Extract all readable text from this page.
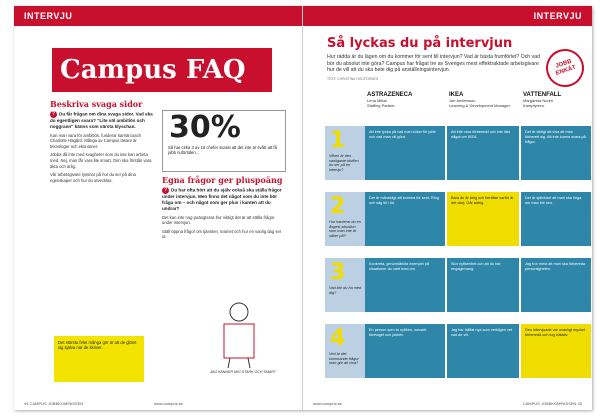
INTERVJU
Campus FAQ
Beskriva svaga sidor
? Du får frågan om dina svaga sidor. Vad ska du egentligen svara? "Lite väl ambitiös och noggrann" känns som värsta klyschan.
Kan man vara för ambitiös, funderar karriärcoach Charlotte Hägård. Många av Campus läsare är teknologer och ekonomer.
Jobba då inte med svagheter som du inte kan arbeta med. Nej, man får vara lite smart. Den ska förstås vara äkta och ärlig.
Vår arbetsgivare lyssnar på hur du ser på dina egenskaper och hur du utvecklas.
30%
Så har cirka 3 av 10 chefer svarat att det inte är svårt att få jobb nuförtiden...
Egna frågor ger pluspoäng
? Du har ofta hört att du själv också ska ställa frågor under intervjun. Men finns det något som du inte bör fråga om – och något som ger plus i kanten att du undrar?
Det kan inte nog poängteras hur viktigt det är att ställa frågor under intervjun.
Ställ öppna frågor om tjänsten, teamet och hur en vanlig dag ser ut.
Det största felet många gör är att de glömt sig själva när de skriver.
JAG KÄNNER MIG STARK OCH SMART
44 CAMPUS JOBBKOMPASSEN	www.campus.se
INTERVJU
Så lyckas du på intervjun
Hur rädda är du lägen om du kommer för sent till intervjun? Vad är bästa frumförlet? Och vad bör du absolut inte göra? Campus har frågat tre av Sveriges mest effektraktade arbetsgivare hur de vill att du ska bete dig på anställningsintervjun.
TEXT: CHRISTINA HÖGFORSEN
JOBB ENKÄT
ASTRAZENECA
Lena Mittal
Staffing Partner.
IKEA
Jan Andersson
Learning & Development Manager.
VATTENFALL
Margareta Norén
Kampfyrera.
1
Vilken är den vanligaste bluffen du ser på en intervju?
Att inte tycka på vad man söker för jobb och vad man vill göra.
Att inte vara förberedd och inte läst något om IKEA.
Det är viktigt att visa att man förberett sig. Att inte kunna svara på frågor.
2
Hur hanterar du en ångest situation som man inte är säker på?
Det är mänskligt att komma för sent. Ring och säg till i tid.
Bara du är ärlig och berättar varför är det okej. Går aldrig.
Det är självklart att man ska ringa om man blir sen.
3
Vad bör du ha med dig?
Konkreta, genomtänkta exempel på situationer du varit med om.
Stor nyfikenhet och att du har engagemang.
Jag tror mest att man ska förbereda personligheten.
4
Ved är det kommande frågor man gör att visa?
En person som är nyfiken, oavsett företaget och jobbet.
Jag har träffat nya som verkligen vet vad de vill.
Den intervjuade var ovanligt mycket förberedd och tog initiativ.
www.campus.se	CAMPUS JOBBKOMPASSEN 45
